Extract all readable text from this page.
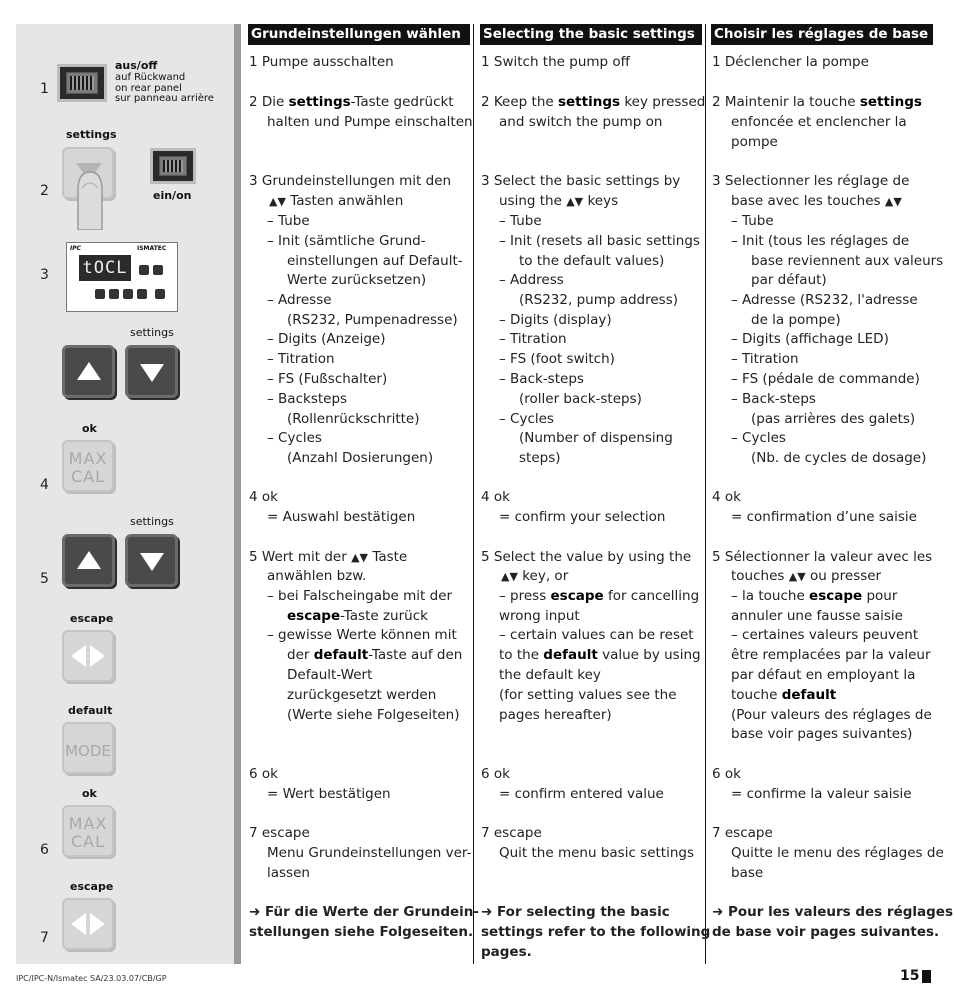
1
aus/off
auf Rückwand
on rear panel
sur panneau arrière
settings
2	ein/on
3
IPC	ISMATEC
tOCL
settings
ok
4
MAX
CAL
settings
5
escape
default
MODE
ok
6
MAX
CAL
escape
7
Grundeinstellungen wählen
1 Pumpe ausschalten
2 Die settings-Taste gedrückt
halten und Pumpe einschalten
3 Grundeinstellungen mit den
▲▼ Tasten anwählen
– Tube
– Init (sämtliche Grund-
einstellungen auf Default-
Werte zurücksetzen)
– Adresse
(RS232, Pumpenadresse)
– Digits (Anzeige)
– Titration
– FS (Fußschalter)
– Backsteps
(Rollenrückschritte)
– Cycles
(Anzahl Dosierungen)
4 ok
= Auswahl bestätigen
5 Wert mit der ▲▼ Taste
anwählen bzw.
– bei Falscheingabe mit der
escape-Taste zurück
– gewisse Werte können mit
der default-Taste auf den
Default-Wert
zurückgesetzt werden
(Werte siehe Folgeseiten)
6 ok
= Wert bestätigen
7 escape
Menu Grundeinstellungen ver-
lassen
➜ Für die Werte der Grundein-
stellungen siehe Folgeseiten.
Selecting the basic settings
1 Switch the pump off
2 Keep the settings key pressed
and switch the pump on
3 Select the basic settings by
using the ▲▼ keys
– Tube
– Init (resets all basic settings
to the default values)
– Address
(RS232, pump address)
– Digits (display)
– Titration
– FS (foot switch)
– Back-steps
(roller back-steps)
– Cycles
(Number of dispensing
steps)
4 ok
= confirm your selection
5 Select the value by using the
▲▼ key, or
– press escape for cancelling
wrong input
– certain values can be reset
to the default value by using
the default key
(for setting values see the
pages hereafter)
6 ok
= confirm entered value
7 escape
Quit the menu basic settings
➜ For selecting the basic
settings refer to the following
pages.
Choisir les réglages de base
1 Déclencher la pompe
2 Maintenir la touche settings
enfoncée et enclencher la
pompe
3 Selectionner les réglage de
base avec les touches ▲▼
– Tube
– Init (tous les réglages de
base reviennent aux valeurs
par défaut)
– Adresse (RS232, l'adresse
de la pompe)
– Digits (affichage LED)
– Titration
– FS (pédale de commande)
– Back-steps
(pas arrières des galets)
– Cycles
(Nb. de cycles de dosage)
4 ok
= confirmation d’une saisie
5 Sélectionner la valeur avec les
touches ▲▼ ou presser
– la touche escape pour
annuler une fausse saisie
– certaines valeurs peuvent
être remplacées par la valeur
par défaut en employant la
touche default
(Pour valeurs des réglages de
base voir pages suivantes)
6 ok
= confirme la valeur saisie
7 escape
Quitte le menu des réglages de
base
➜ Pour les valeurs des réglages
de base voir pages suivantes.
IPC/IPC-N/Ismatec SA/23.03.07/CB/GP	15
